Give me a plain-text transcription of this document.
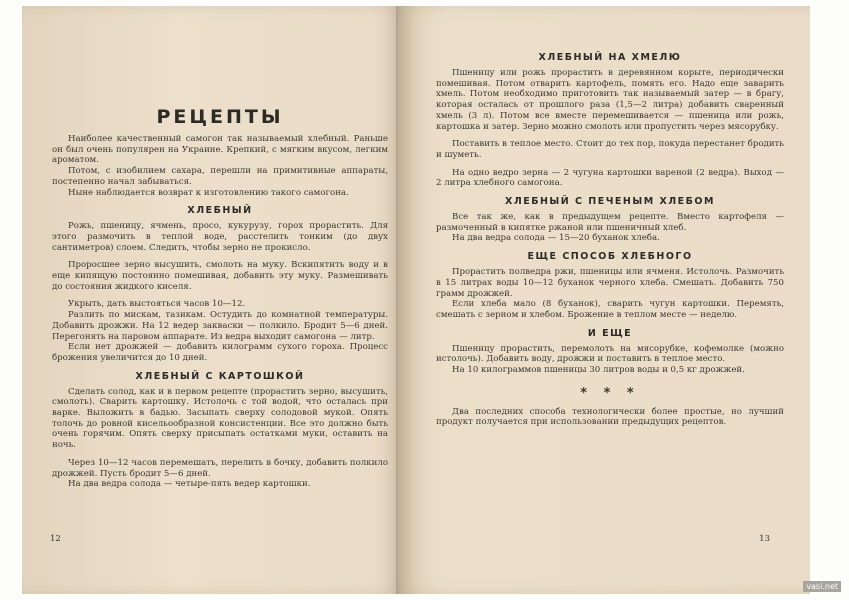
РЕЦЕПТЫ

Наиболее качественный самогон так называемый хлебный. Раньше он был очень популярен на Украине. Крепкий, с мягким вкусом, легким ароматом.

Потом, с изобилием сахара, перешли на примитивные аппараты, постепенно начал забываться.

Ныне наблюдается возврат к изготовлению такого самогона.

ХЛЕБНЫЙ

Рожь, пшеницу, ячмень, просо, кукурузу, горох прорастить. Для этого размочить в теплой воде, расстелить тонким (до двух сантиметров) слоем. Следить, чтобы зерно не прокисло.

Проросшее зерно высушить, смолоть на муку. Вскипятить воду и в еще кипящую постоянно помешивая, добавить эту муку. Размешивать до состояния жидкого киселя.

Укрыть, дать выстояться часов 10—12.

Разлить по мискам, тазикам. Остудить до комнатной температуры. Добавить дрожжи. На 12 ведер закваски — полкило. Бродит 5—6 дней. Перегонять на паровом аппарате. Из ведра выходит самогона — литр.

Если нет дрожжей — добавить килограмм сухого гороха. Процесс брожения увеличится до 10 дней.

ХЛЕБНЫЙ С КАРТОШКОЙ

Сделать солод, как и в первом рецепте (прорастить зерно, высушить, смолоть). Сварить картошку. Истолочь с той водой, что осталась при варке. Выложить в бадью. Засыпать сверху солодовой мукой. Опять толочь до ровной кисельообразной консистенции. Все это должно быть очень горячим. Опять сверху присыпать остатками муки, оставить на ночь.

Через 10—12 часов перемешать, перелить в бочку, добавить полкило дрожжей. Пусть бродит 5—6 дней.

На два ведра солода — четыре-пять ведер картошки.

12
ХЛЕБНЫЙ НА ХМЕЛЮ

Пшеницу или рожь прорастить в деревянном корыте, периодически помешивая. Потом отварить картофель, помять его. Надо еще заварить хмель. Потом необходимо приготовить так называемый затер — в брагу, которая осталась от прошлого раза (1,5—2 литра) добавить сваренный хмель (3 л). Потом все вместе перемешивается — пшеница или рожь, картошка и затер. Зерно можно смолоть или пропустить через мясорубку.

Поставить в теплое место. Стоит до тех пор, покуда перестанет бродить и шуметь.

На одно ведро зерна — 2 чугуна картошки вареной (2 ведра). Выход — 2 литра хлебного самогона.

ХЛЕБНЫЙ С ПЕЧЕНЫМ ХЛЕБОМ

Все так же, как в предыдущем рецепте. Вместо картофеля — размоченный в кипятке ржаной или пшеничный хлеб.

На два ведра солода — 15—20 буханок хлеба.

ЕЩЕ СПОСОБ ХЛЕБНОГО

Прорастить полведра ржи, пшеницы или ячменя. Истолочь. Размочить в 15 литрах воды 10—12 буханок черного хлеба. Смешать. Добавить 750 грамм дрожжей.

Если хлеба мало (8 буханок), сварить чугун картошки. Перемять, смешать с зерном и хлебом. Брожение в теплом месте — неделю.

И ЕЩЕ

Пшеницу прорастить, перемолоть на мясорубке, кофемолке (можно истолочь). Добавить воду, дрожжи и поставить в теплое место.

На 10 килограммов пшеницы 30 литров воды и 0,5 кг дрожжей.

* * *

Два последних способа технологически более простые, но лучший продукт получается при использовании предыдущих рецептов.

13
vasi.net
